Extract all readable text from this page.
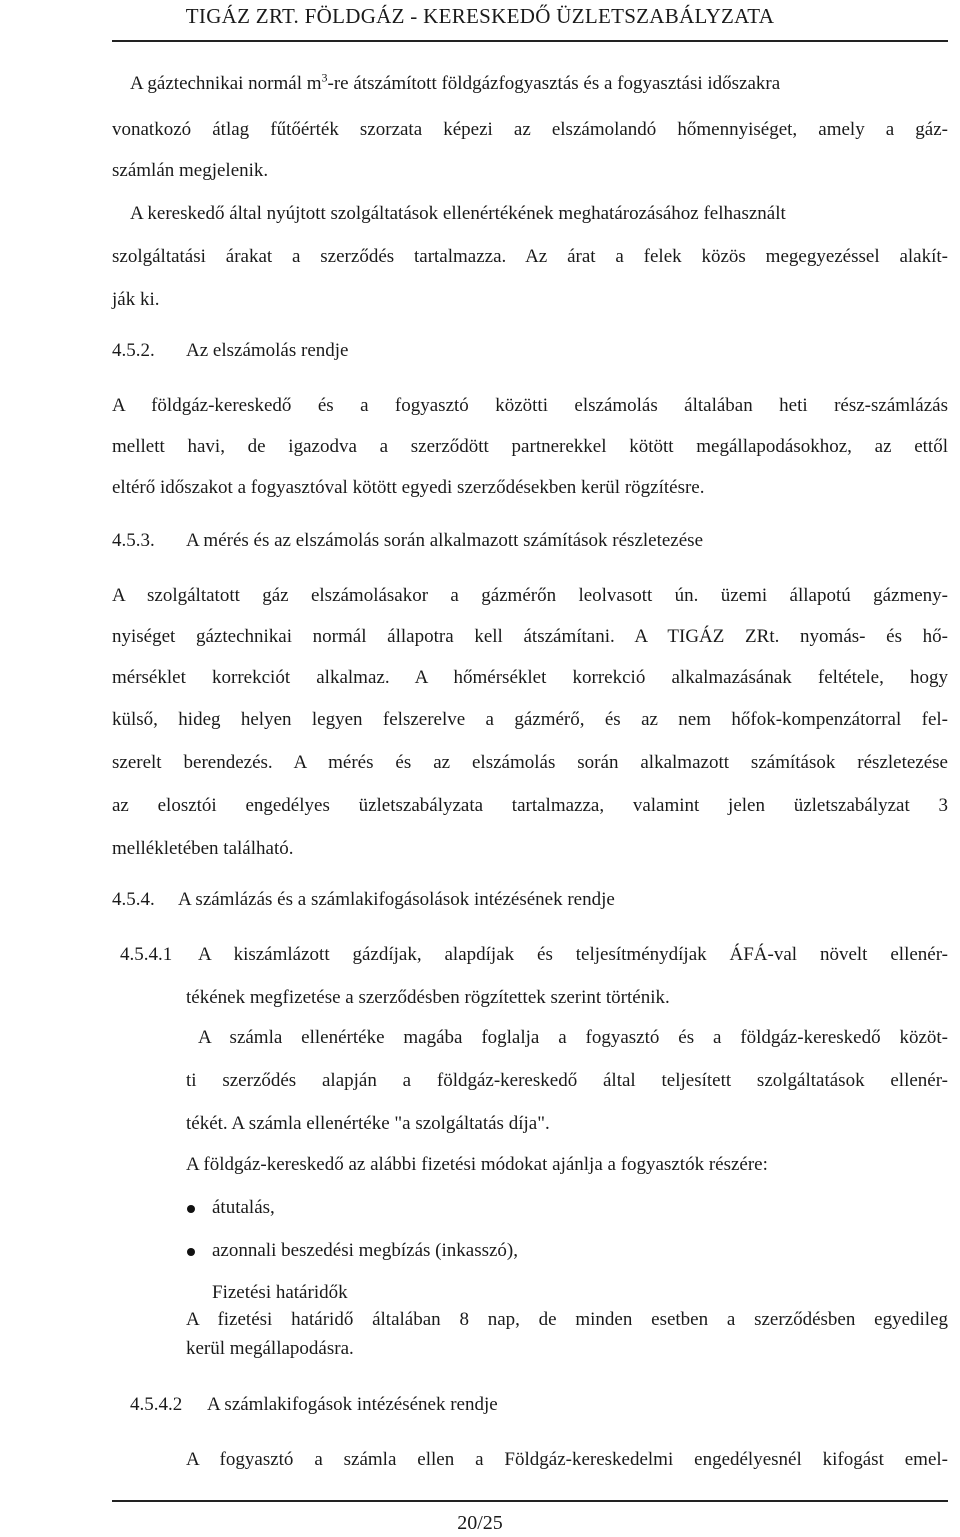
TIGÁZ ZRT. FÖLDGÁZ - KERESKEDŐ ÜZLETSZABÁLYZATA
A gáztechnikai normál $m^3-re$ átszámított földgázfogyasztás és a fogyasztási időszakra
vonatkozó átlag fűtőérték szorzata képezi az elszámolandó hőmennyiséget, amely a gáz-
számlán megjelenik.
A kereskedő által nyújtott szolgáltatások ellenértékének meghatározásához felhasznált
szolgáltatási árakat a szerződés tartalmazza. Az árat a felek közös megegyezéssel alakít-
ják ki.
4.5.2. Az elszámolás rendje
A földgáz-kereskedő és a fogyasztó közötti elszámolás általában heti rész-számlázás
mellett havi, de igazodva a szerződött partnerekkel kötött megállapodásokhoz, az ettől
eltérő időszakot a fogyasztóval kötött egyedi szerződésekben kerül rögzítésre.
4.5.3. A mérés és az elszámolás során alkalmazott számítások részletezése
A szolgáltatott gáz elszámolásakor a gázmérőn leolvasott ún. üzemi állapotú gázmeny-
nyiséget gáztechnikai normál állapotra kell átszámítani. A TIGÁZ ZRt. nyomás- és hő-
mérséklet korrekciót alkalmaz. A hőmérséklet korrekció alkalmazásának feltétele, hogy
külső, hideg helyen legyen felszerelve a gázmérő, és az nem hőfok-kompenzátorral fel-
szerelt berendezés. A mérés és az elszámolás során alkalmazott számítások részletezése
az elosztói engedélyes üzletszabályzata tartalmazza, valamint jelen üzletszabályzat 3
mellékletében található.
4.5.4. A számlázás és a számlakifogásolások intézésének rendje
4.5.4.1 A kiszámlázott gázdíjak, alapdíjak és teljesítménydíjak ÁFÁ-val növelt ellenér-
tékének megfizetése a szerződésben rögzítettek szerint történik.
A számla ellenértéke magába foglalja a fogyasztó és a földgáz-kereskedő közöt-
ti szerződés alapján a földgáz-kereskedő által teljesített szolgáltatások ellenér-
tékét. A számla ellenértéke "a szolgáltatás díja".
A földgáz-kereskedő az alábbi fizetési módokat ajánlja a fogyasztók részére:
átutalás,
azonnali beszedési megbízás (inkasszó),
Fizetési határidők
A fizetési határidő általában 8 nap, de minden esetben a szerződésben egyedileg
kerül megállapodásra.
4.5.4.2 A számlakifogások intézésének rendje
A fogyasztó a számla ellen a Földgáz-kereskedelmi engedélyesnél kifogást emel-
20/25
